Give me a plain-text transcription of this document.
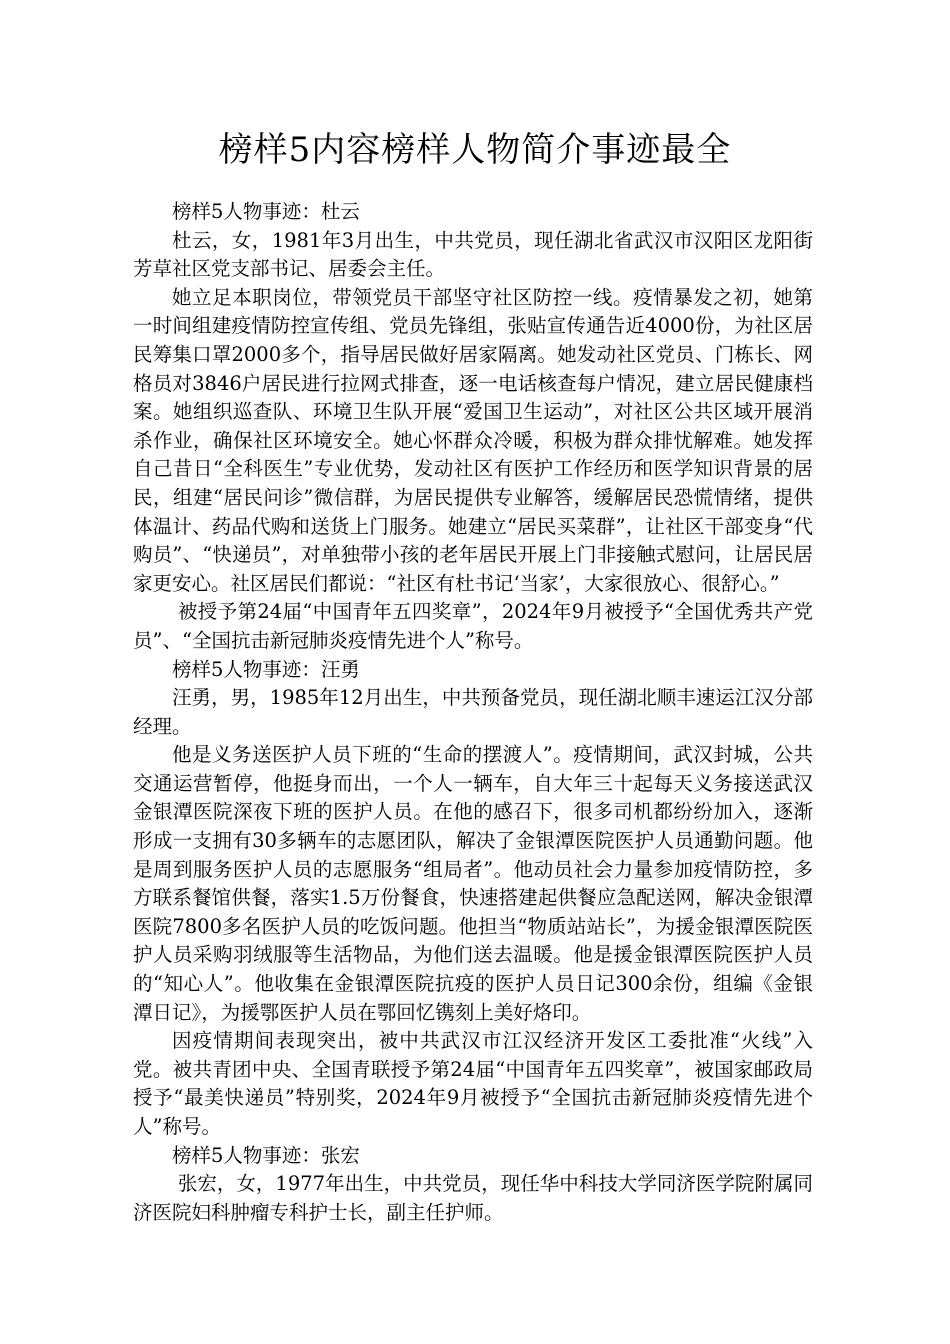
榜样5内容榜样人物简介事迹最全

榜样5人物事迹：杜云

杜云，女，1981年3月出生，中共党员，现任湖北省武汉市汉阳区龙阳街芳草社区党支部书记、居委会主任。

她立足本职岗位，带领党员干部坚守社区防控一线。疫情暴发之初，她第一时间组建疫情防控宣传组、党员先锋组，张贴宣传通告近4000份，为社区居民筹集口罩2000多个，指导居民做好居家隔离。她发动社区党员、门栋长、网格员对3846户居民进行拉网式排查，逐一电话核查每户情况，建立居民健康档案。她组织巡查队、环境卫生队开展“爱国卫生运动”，对社区公共区域开展消杀作业，确保社区环境安全。她心怀群众冷暖，积极为群众排忧解难。她发挥自己昔日“全科医生”专业优势，发动社区有医护工作经历和医学知识背景的居民，组建“居民问诊”微信群，为居民提供专业解答，缓解居民恐慌情绪，提供体温计、药品代购和送货上门服务。她建立“居民买菜群”，让社区干部变身“代购员”、“快递员”，对单独带小孩的老年居民开展上门非接触式慰问，让居民居家更安心。社区居民们都说：“社区有杜书记‘当家’，大家很放心、很舒心。”

被授予第24届“中国青年五四奖章”，2024年9月被授予“全国优秀共产党员”、“全国抗击新冠肺炎疫情先进个人”称号。

榜样5人物事迹：汪勇

汪勇，男，1985年12月出生，中共预备党员，现任湖北顺丰速运江汉分部经理。

他是义务送医护人员下班的“生命的摆渡人”。疫情期间，武汉封城，公共交通运营暂停，他挺身而出，一个人一辆车，自大年三十起每天义务接送武汉金银潭医院深夜下班的医护人员。在他的感召下，很多司机都纷纷加入，逐渐形成一支拥有30多辆车的志愿团队，解决了金银潭医院医护人员通勤问题。他是周到服务医护人员的志愿服务“组局者”。他动员社会力量参加疫情防控，多方联系餐馆供餐，落实1.5万份餐食，快速搭建起供餐应急配送网，解决金银潭医院7800多名医护人员的吃饭问题。他担当“物质站站长”，为援金银潭医院医护人员采购羽绒服等生活物品，为他们送去温暖。他是援金银潭医院医护人员的“知心人”。他收集在金银潭医院抗疫的医护人员日记300余份，组编《金银潭日记》，为援鄂医护人员在鄂回忆镌刻上美好烙印。

因疫情期间表现突出，被中共武汉市江汉经济开发区工委批准“火线”入党。被共青团中央、全国青联授予第24届“中国青年五四奖章”，被国家邮政局授予“最美快递员”特别奖，2024年9月被授予“全国抗击新冠肺炎疫情先进个人”称号。

榜样5人物事迹：张宏

张宏，女，1977年出生，中共党员，现任华中科技大学同济医学院附属同济医院妇科肿瘤专科护士长，副主任护师。
